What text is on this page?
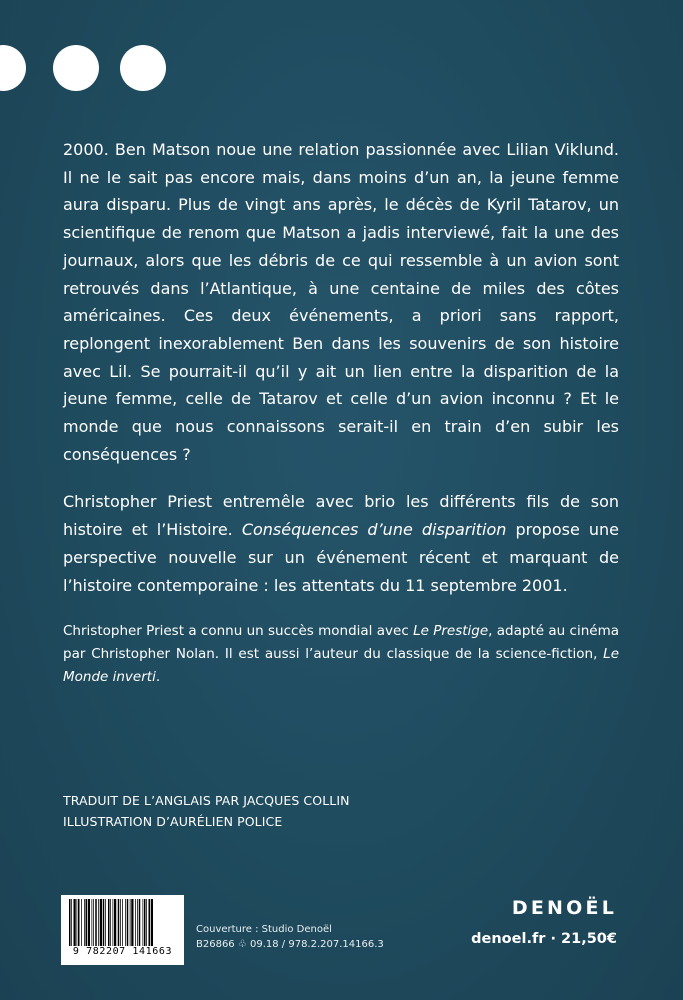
2000. Ben Matson noue une relation passionnée avec Lilian Viklund. Il ne le sait pas encore mais, dans moins d’un an, la jeune femme aura disparu. Plus de vingt ans après, le décès de Kyril Tatarov, un scientifique de renom que Matson a jadis interviewé, fait la une des journaux, alors que les débris de ce qui ressemble à un avion sont retrouvés dans l’Atlantique, à une centaine de miles des côtes américaines. Ces deux événements, a priori sans rapport, replongent inexorablement Ben dans les souvenirs de son histoire avec Lil. Se pourrait-il qu’il y ait un lien entre la disparition de la jeune femme, celle de Tatarov et celle d’un avion inconnu ? Et le monde que nous connaissons serait-il en train d’en subir les conséquences ?

Christopher Priest entremêle avec brio les différents fils de son histoire et l’Histoire. Conséquences d’une disparition propose une perspective nouvelle sur un événement récent et marquant de l’histoire contemporaine : les attentats du 11 septembre 2001.

Christopher Priest a connu un succès mondial avec Le Prestige, adapté au cinéma par Christopher Nolan. Il est aussi l’auteur du classique de la science-fiction, Le Monde inverti.

TRADUIT DE L’ANGLAIS PAR JACQUES COLLIN
ILLUSTRATION D’AURÉLIEN POLICE
9 782207 141663
Couverture : Studio Denoël
B26866 ♧ 09.18 / 978.2.207.14166.3
DENOËL
denoel.fr · 21,50€
